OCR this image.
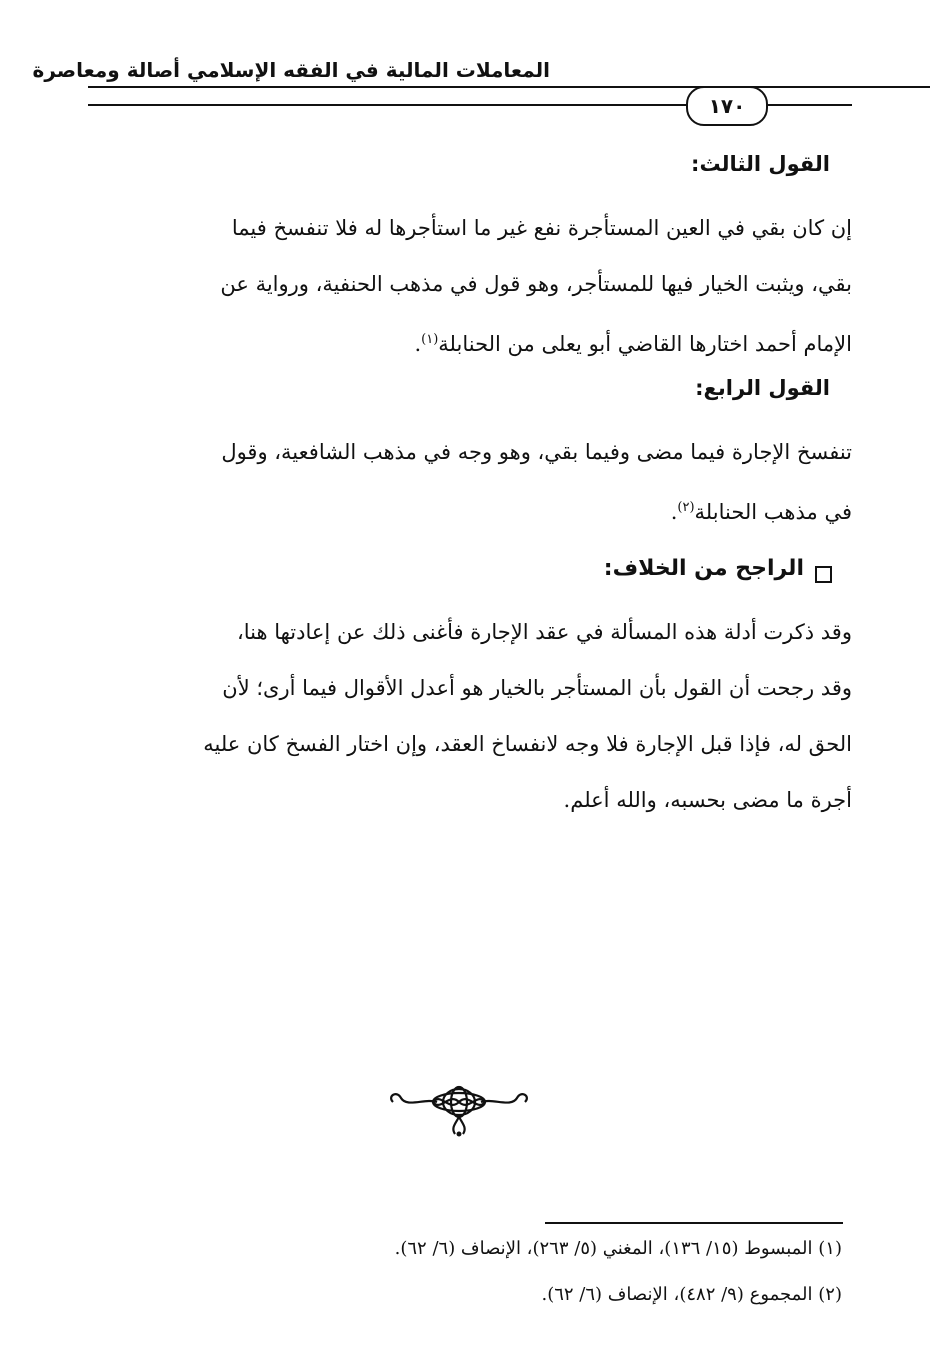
المعاملات المالية في الفقه الإسلامي أصالة ومعاصرة
١٧٠
القول الثالث:
إن كان بقي في العين المستأجرة نفع غير ما استأجرها له فلا تنفسخ فيما
بقي، ويثبت الخيار فيها للمستأجر، وهو قول في مذهب الحنفية، ورواية عن
الإمام أحمد اختارها القاضي أبو يعلى من الحنابلة$^{(١)}$.
القول الرابع:
تنفسخ الإجارة فيما مضى وفيما بقي، وهو وجه في مذهب الشافعية، وقول
في مذهب الحنابلة$^{(٢)}$.
الراجح من الخلاف:
وقد ذكرت أدلة هذه المسألة في عقد الإجارة فأغنى ذلك عن إعادتها هنا،
وقد رجحت أن القول بأن المستأجر بالخيار هو أعدل الأقوال فيما أرى؛ لأن
الحق له، فإذا قبل الإجارة فلا وجه لانفساخ العقد، وإن اختار الفسخ كان عليه
أجرة ما مضى بحسبه، والله أعلم.
(١) المبسوط (١٥/ ١٣٦)، المغني (٥/ ٢٦٣)، الإنصاف (٦/ ٦٢).
(٢) المجموع (٩/ ٤٨٢)، الإنصاف (٦/ ٦٢).
